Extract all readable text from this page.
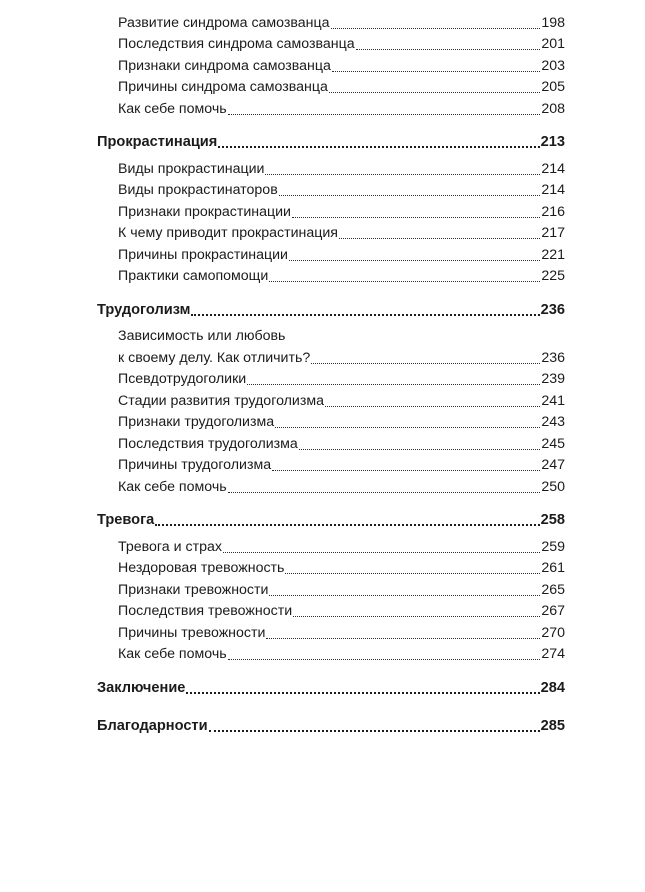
Развитие синдрома самозванца	198
Последствия синдрома самозванца	201
Признаки синдрома самозванца	203
Причины синдрома самозванца	205
Как себе помочь	208
Прокрастинация	213
Виды прокрастинации	214
Виды прокрастинаторов	214
Признаки прокрастинации	216
К чему приводит прокрастинация	217
Причины прокрастинации	221
Практики самопомощи	225
Трудоголизм	236
Зависимость или любовь
к своему делу. Как отличить?	236
Псевдотрудоголики	239
Стадии развития трудоголизма	241
Признаки трудоголизма	243
Последствия трудоголизма	245
Причины трудоголизма	247
Как себе помочь	250
Тревога	258
Тревога и страх	259
Нездоровая тревожность	261
Признаки тревожности	265
Последствия тревожности	267
Причины тревожности	270
Как себе помочь	274
Заключение	284
Благодарности	285
